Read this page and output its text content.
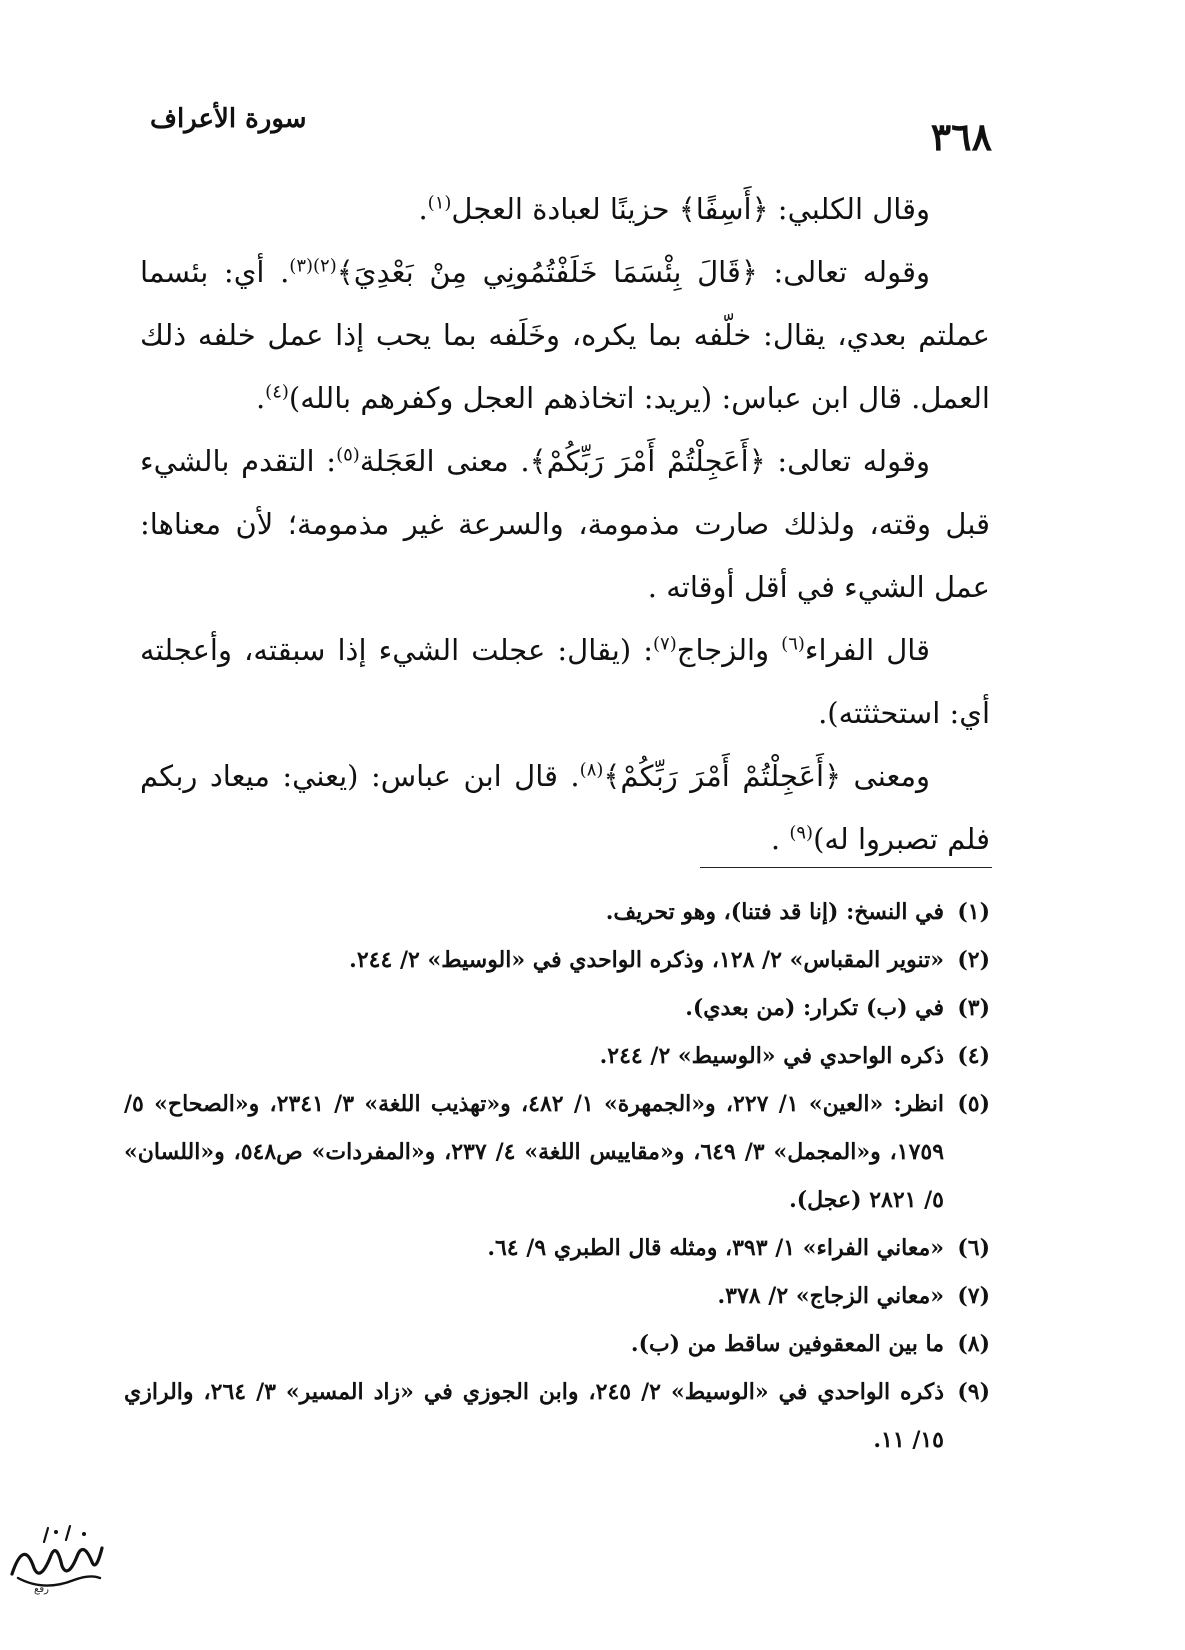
٣٦٨
سورة الأعراف

وقال الكلبي: ﴿أَسِفًا﴾ حزينًا لعبادة العجل$^{(١)}$.

وقوله تعالى: ﴿قَالَ بِئْسَمَا خَلَفْتُمُونِي مِنْ بَعْدِيَ﴾$^{(٢)(٣)}$. أي: بئسما عملتم بعدي، يقال: خلّفه بما يكره، وخَلَفه بما يحب إذا عمل خلفه ذلك العمل. قال ابن عباس: (يريد: اتخاذهم العجل وكفرهم بالله)$^{(٤)}$.

وقوله تعالى: ﴿أَعَجِلْتُمْ أَمْرَ رَبِّكُمْ﴾. معنى العَجَلة$^{(٥)}$: التقدم بالشيء قبل وقته، ولذلك صارت مذمومة، والسرعة غير مذمومة؛ لأن معناها: عمل الشيء في أقل أوقاته .

قال الفراء$^{(٦)}$ والزجاج$^{(٧)}$: (يقال: عجلت الشيء إذا سبقته، وأعجلته أي: استحثثته).

ومعنى ﴿أَعَجِلْتُمْ أَمْرَ رَبِّكُمْ﴾$^{(٨)}$. قال ابن عباس: (يعني: ميعاد ربكم فلم تصبروا له)$^{(٩)}$ .

(١)
في النسخ: (إنا قد فتنا)، وهو تحريف.
(٢)
«تنوير المقباس» ٢/ ١٢٨، وذكره الواحدي في «الوسيط» ٢/ ٢٤٤.
(٣)
في (ب) تكرار: (من بعدي).
(٤)
ذكره الواحدي في «الوسيط» ٢/ ٢٤٤.
(٥)
انظر: «العين» ١/ ٢٢٧، و«الجمهرة» ١/ ٤٨٢، و«تهذيب اللغة» ٣/ ٢٣٤١، و«الصحاح» ٥/ ١٧٥٩، و«المجمل» ٣/ ٦٤٩، و«مقاييس اللغة» ٤/ ٢٣٧، و«المفردات» ص٥٤٨، و«اللسان» ٥/ ٢٨٢١ (عجل).
(٦)
«معاني الفراء» ١/ ٣٩٣، ومثله قال الطبري ٩/ ٦٤.
(٧)
«معاني الزجاج» ٢/ ٣٧٨.
(٨)
ما بين المعقوفين ساقط من (ب).
(٩)
ذكره الواحدي في «الوسيط» ٢/ ٢٤٥، وابن الجوزي في «زاد المسير» ٣/ ٢٦٤، والرازي ١٥/ ١١.
رفع
